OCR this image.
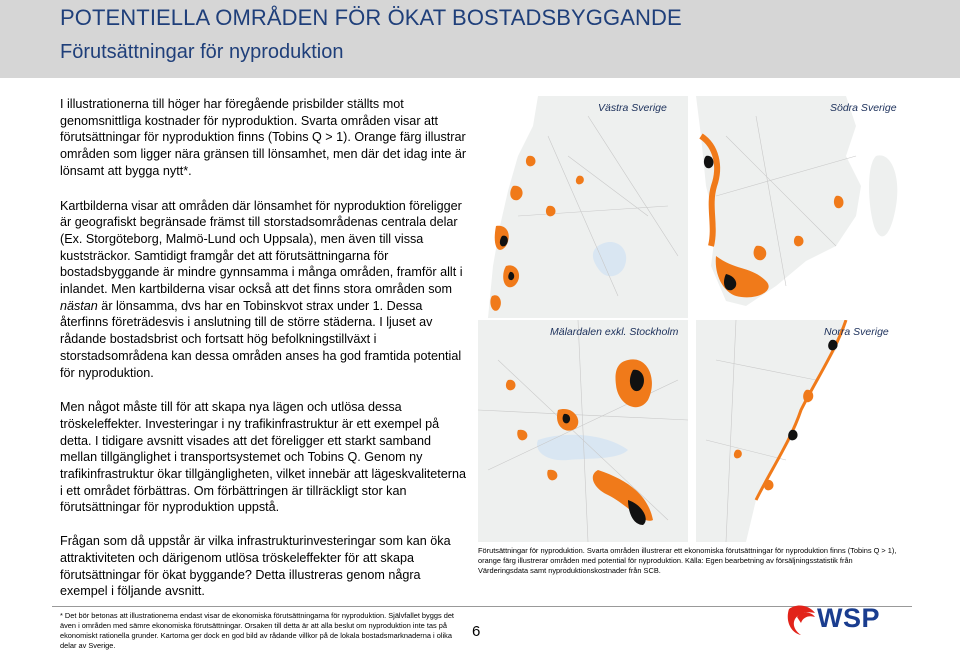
POTENTIELLA OMRÅDEN FÖR ÖKAT BOSTADSBYGGANDE
Förutsättningar för nyproduktion

I illustrationerna till höger har föregående prisbilder ställts mot genomsnittliga kostnader för nyproduktion. Svarta områden visar att förutsättningar för nyproduktion finns (Tobins Q > 1). Orange färg illustrar områden som ligger nära gränsen till lönsamhet, men där det idag inte är lönsamt att bygga nytt*.

Kartbilderna visar att områden där lönsamhet för nyproduktion föreligger är geografiskt begränsade främst till storstadsområdenas centrala delar (Ex. Storgöteborg, Malmö-Lund och Uppsala), men även till vissa kuststräckor. Samtidigt framgår det att förutsättningarna för bostadsbyggande är mindre gynnsamma i många områden, framför allt i inlandet. Men kartbilderna visar också att det finns stora områden som nästan är lönsamma, dvs har en Tobinskvot strax under 1. Dessa återfinns företrädesvis i anslutning till de större städerna. I ljuset av rådande bostadsbrist och fortsatt hög befolkningstillväxt i storstadsområdena kan dessa områden anses ha god framtida potential för nyproduktion.

Men något måste till för att skapa nya lägen och utlösa dessa tröskeleffekter. Investeringar i ny trafikinfrastruktur är ett exempel på detta. I tidigare avsnitt visades att det föreligger ett starkt samband mellan tillgänglighet i transportsystemet och Tobins Q. Genom ny trafikinfrastruktur ökar tillgängligheten, vilket innebär att lägeskvaliteterna i ett området förbättras. Om förbättringen är tillräckligt stor kan förutsättningar för nyproduktion uppstå.

Frågan som då uppstår är vilka infrastrukturinvesteringar som kan öka attraktiviteten och därigenom utlösa tröskeleffekter för att skapa förutsättningar för ökat byggande? Detta illustreras genom några exempel i följande avsnitt.

Västra Sverige	Södra Sverige
Mälardalen exkl. Stockholm	Norra Sverige
Förutsättningar för nyproduktion. Svarta områden illustrerar ett ekonomiska förutsättningar för nyproduktion finns (Tobins Q > 1), orange färg illustrerar områden med potential för nyproduktion. Källa: Egen bearbetning av försäljningsstatistik från Värderingsdata samt nyproduktionskostnader från SCB.
* Det bör betonas att illustrationerna endast visar de ekonomiska förutsättningarna för nyproduktion. Självfallet byggs det även i områden med sämre ekonomiska förutsättningar. Orsaken till detta är att alla beslut om nyproduktion inte tas på ekonomiskt rationella grunder. Kartorna ger dock en god bild av rådande villkor på de lokala bostadsmarknaderna i olika delar av Sverige.
6	WSP
